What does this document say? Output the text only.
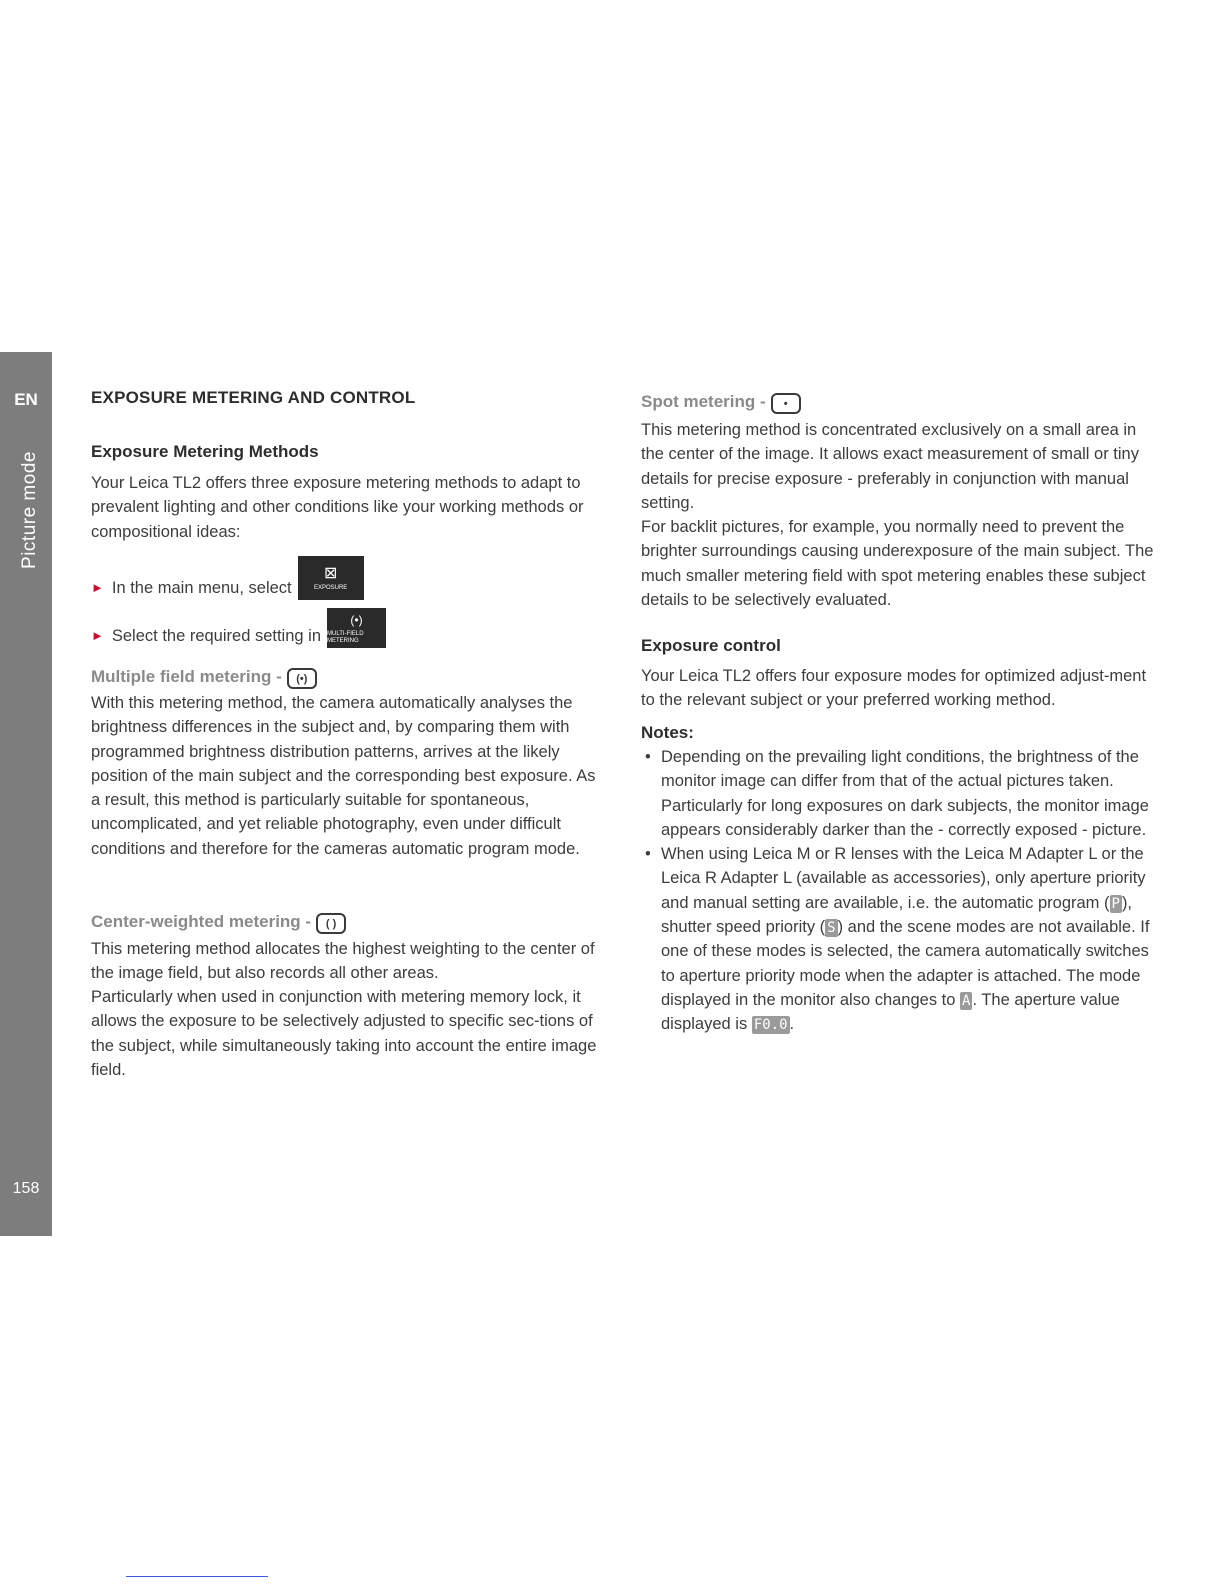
EN
Picture mode
158
EXPOSURE METERING AND CONTROL
Exposure Metering Methods

Your Leica TL2 offers three exposure metering methods to adapt to prevalent lighting and other conditions like your working methods or compositional ideas:

► In the main menu, select
⊠
EXPOSURE
► Select the required setting in
(•)
MULTI-FIELD METERING
Multiple field metering -	(•)

With this metering method, the camera automatically analyses the brightness differences in the subject and, by comparing them with programmed brightness distribution patterns, arrives at the likely position of the main subject and the corresponding best exposure. As a result, this method is particularly suitable for spontaneous, uncomplicated, and yet reliable photography, even under difficult conditions and therefore for the cameras automatic program mode.

Center-weighted metering -	( )

This metering method allocates the highest weighting to the center of the image field, but also records all other areas.

Particularly when used in conjunction with metering memory lock, it allows the exposure to be selectively adjusted to specific sec-tions of the subject, while simultaneously taking into account the entire image field.

Spot metering -	•

This metering method is concentrated exclusively on a small area in the center of the image. It allows exact measurement of small or tiny details for precise exposure - preferably in conjunction with manual setting.

For backlit pictures, for example, you normally need to prevent the brighter surroundings causing underexposure of the main subject. The much smaller metering field with spot metering enables these subject details to be selectively evaluated.

Exposure control

Your Leica TL2 offers four exposure modes for optimized adjust-ment to the relevant subject or your preferred working method.

Notes:
• Depending on the prevailing light conditions, the brightness of the monitor image can differ from that of the actual pictures taken. Particularly for long exposures on dark subjects, the monitor image appears considerably darker than the - correctly exposed - picture.
• When using Leica M or R lenses with the Leica M Adapter L or the Leica R Adapter L (available as accessories), only aperture priority and manual setting are available, i.e. the automatic program ( P ), shutter speed priority ( S ) and the scene modes are not available. If one of these modes is selected, the camera automatically switches to aperture priority mode when the adapter is attached. The mode displayed in the monitor also changes to A . The aperture value displayed is F0.0 .
